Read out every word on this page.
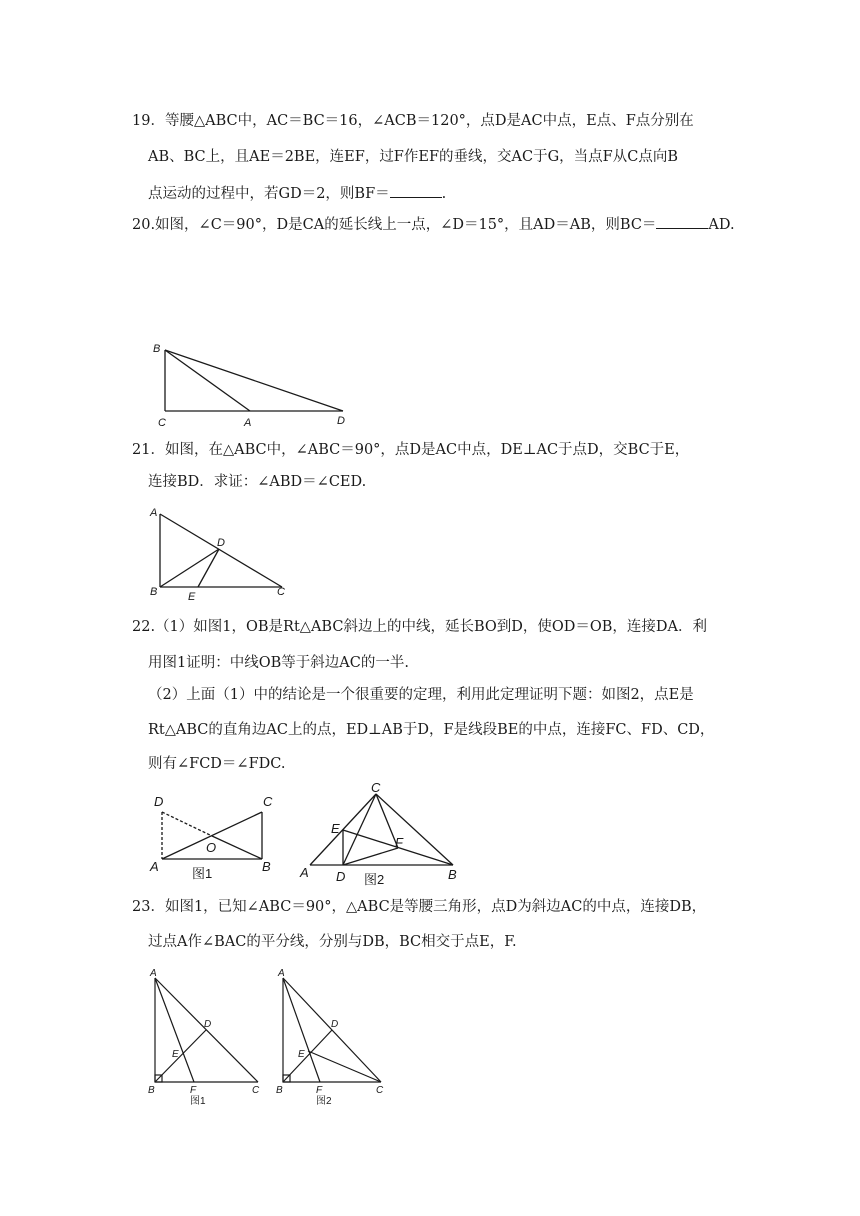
19．等腰△ABC中，AC＝BC＝16，∠ACB＝120°，点D是AC中点，E点、F点分别在
AB、BC上，且AE＝2BE，连EF，过F作EF的垂线，交AC于G，当点F从C点向B
点运动的过程中，若GD＝2，则BF＝	.
20.如图，∠C＝90°，D是CA的延长线上一点，∠D＝15°，且AD＝AB，则BC＝	AD.
B
C	A	D
21．如图，在△ABC中，∠ABC＝90°，点D是AC中点，DE⊥AC于点D，交BC于E，
连接BD．求证：∠ABD＝∠CED.
A
D
B	E	C
22.（1）如图1，OB是Rt△ABC斜边上的中线，延长BO到D，使OD＝OB，连接DA．利
用图1证明：中线OB等于斜边AC的一半.
（2）上面（1）中的结论是一个很重要的定理，利用此定理证明下题：如图2，点E是
Rt△ABC的直角边AC上的点，ED⊥AB于D，F是线段BE的中点，连接FC、FD、CD，
则有∠FCD＝∠FDC.
D	C
O
A	B
图1
C
E
F
A D	B
图2
23．如图1，已知∠ABC＝90°，△ABC是等腰三角形，点D为斜边AC的中点，连接DB，
过点A作∠BAC的平分线，分别与DB，BC相交于点E，F.
A
D
E
B	F	C
图1
A
D
E
B	F	C
图2
